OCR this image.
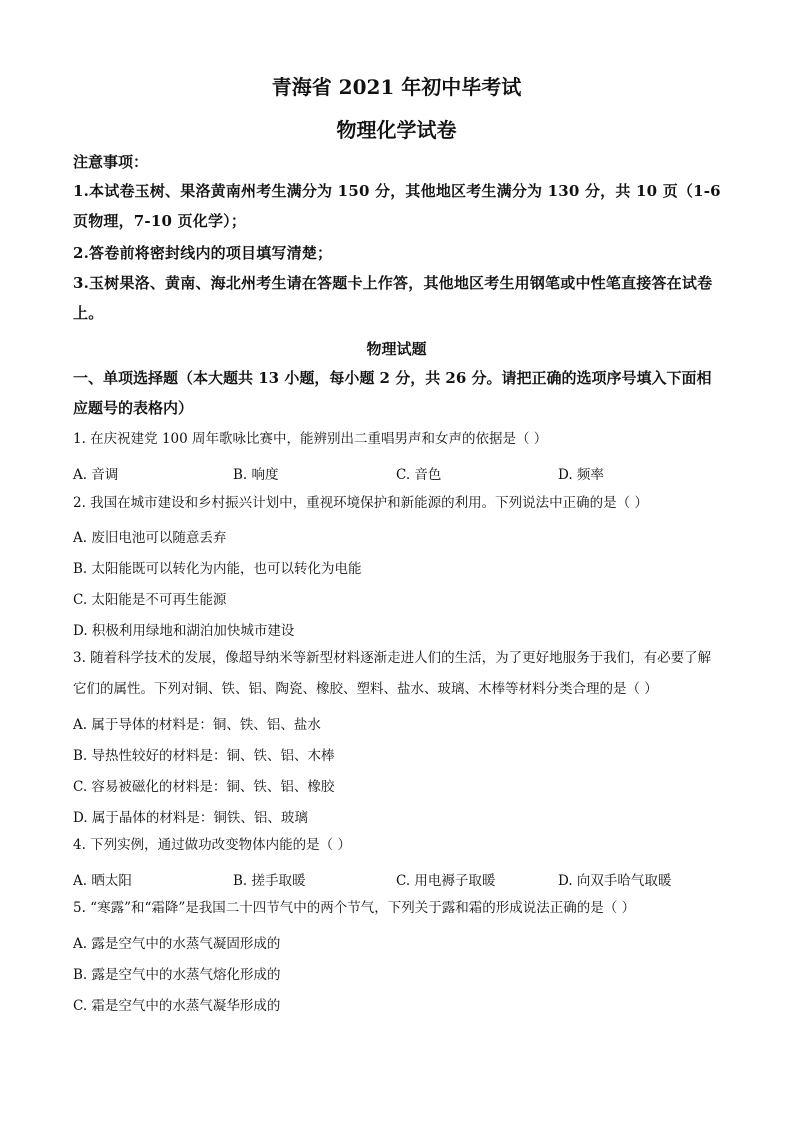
青海省 2021 年初中毕考试
物理化学试卷
注意事项：
1.本试卷玉树、果洛黄南州考生满分为 150 分，其他地区考生满分为 130 分，共 10 页（1-6 页物理，7-10 页化学）；
2.答卷前将密封线内的项目填写清楚；
3.玉树果洛、黄南、海北州考生请在答题卡上作答，其他地区考生用钢笔或中性笔直接答在试卷上。
物理试题
一、单项选择题（本大题共 13 小题，每小题 2 分，共 26 分。请把正确的选项序号填入下面相应题号的表格内）
1. 在庆祝建党 100 周年歌咏比赛中，能辨别出二重唱男声和女声的依据是（ ）
A. 音调	B. 响度	C. 音色	D. 频率
2. 我国在城市建设和乡村振兴计划中，重视环境保护和新能源的利用。下列说法中正确的是（ ）
A. 废旧电池可以随意丢弃
B. 太阳能既可以转化为内能，也可以转化为电能
C. 太阳能是不可再生能源
D. 积极利用绿地和湖泊加快城市建设
3. 随着科学技术的发展，像超导纳米等新型材料逐渐走进人们的生活，为了更好地服务于我们，有必要了解它们的属性。下列对铜、铁、铝、陶瓷、橡胶、塑料、盐水、玻璃、木棒等材料分类合理的是（ ）
A. 属于导体的材料是：铜、铁、铝、盐水
B. 导热性较好的材料是：铜、铁、铝、木棒
C. 容易被磁化的材料是：铜、铁、铝、橡胶
D. 属于晶体的材料是：铜铁、铝、玻璃
4. 下列实例，通过做功改变物体内能的是（ ）
A. 晒太阳	B. 搓手取暖	C. 用电褥子取暖	D. 向双手哈气取暖
5. “寒露”和“霜降”是我国二十四节气中的两个节气，下列关于露和霜的形成说法正确的是（ ）
A. 露是空气中的水蒸气凝固形成的
B. 露是空气中的水蒸气熔化形成的
C. 霜是空气中的水蒸气凝华形成的
